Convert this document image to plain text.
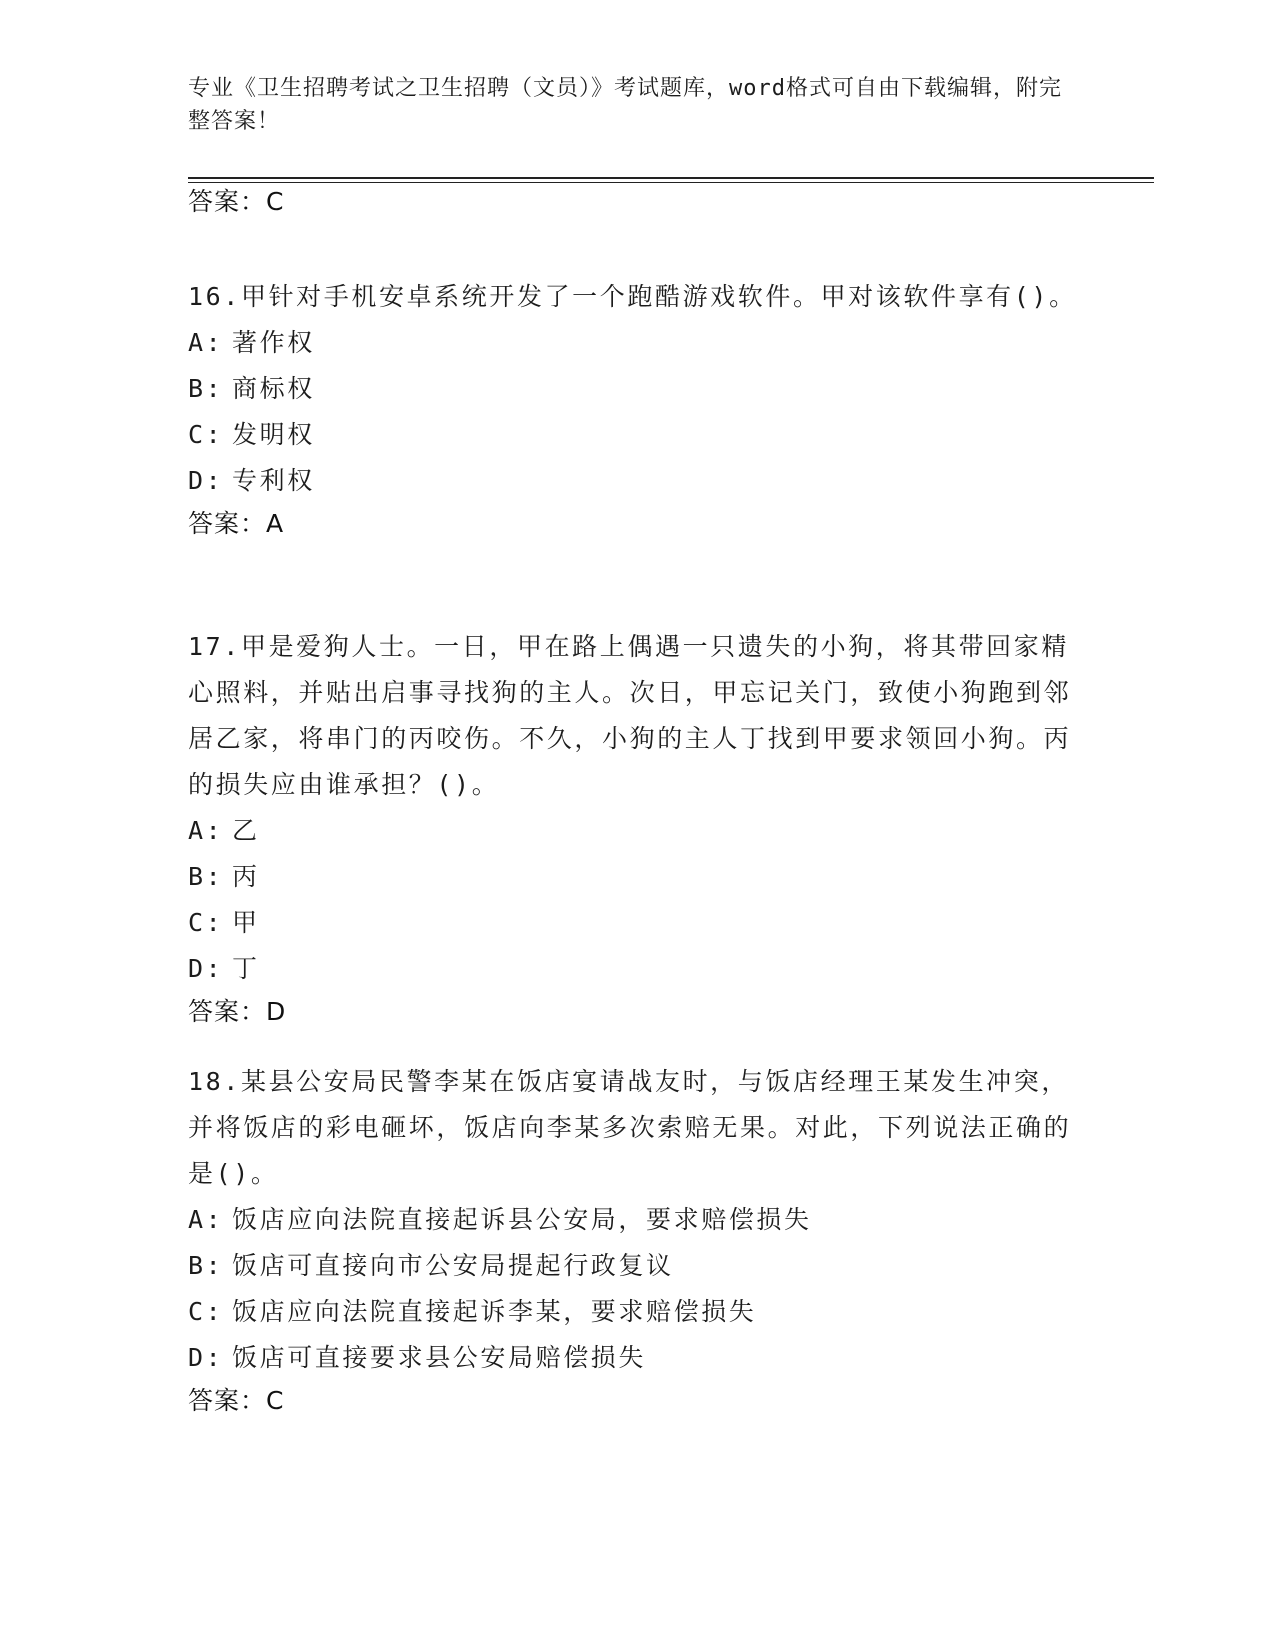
专业《卫生招聘考试之卫生招聘（文员）》考试题库，word格式可自由下载编辑，附完整答案！
答案：C
16.甲针对手机安卓系统开发了一个跑酷游戏软件。甲对该软件享有()。
A: 著作权
B: 商标权
C: 发明权
D: 专利权
答案：A
17.甲是爱狗人士。一日，甲在路上偶遇一只遗失的小狗，将其带回家精心照料，并贴出启事寻找狗的主人。次日，甲忘记关门，致使小狗跑到邻居乙家，将串门的丙咬伤。不久，小狗的主人丁找到甲要求领回小狗。丙的损失应由谁承担？()。
A: 乙
B: 丙
C: 甲
D: 丁
答案：D
18.某县公安局民警李某在饭店宴请战友时，与饭店经理王某发生冲突，并将饭店的彩电砸坏，饭店向李某多次索赔无果。对此，下列说法正确的是()。
A: 饭店应向法院直接起诉县公安局，要求赔偿损失
B: 饭店可直接向市公安局提起行政复议
C: 饭店应向法院直接起诉李某，要求赔偿损失
D: 饭店可直接要求县公安局赔偿损失
答案：C
